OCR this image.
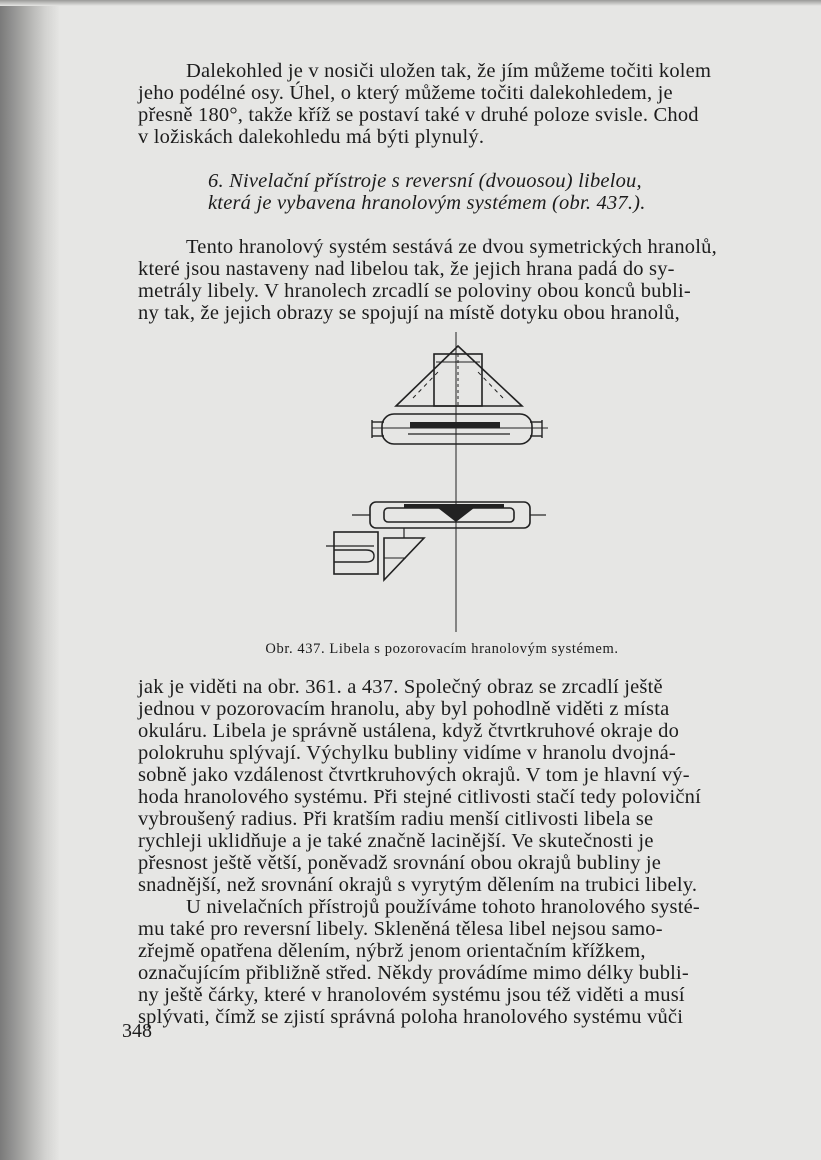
Dalekohled je v nosiči uložen tak, že jím můžeme točiti kolem
jeho podélné osy. Úhel, o který můžeme točiti dalekohledem, je
přesně 180°, takže kříž se postaví také v druhé poloze svisle. Chod
v ložiskách dalekohledu má býti plynulý.

6. Nivelační přístroje s reversní (dvouosou) libelou,
která je vybavena hranolovým systémem (obr. 437.).

Tento hranolový systém sestává ze dvou symetrických hranolů,
které jsou nastaveny nad libelou tak, že jejich hrana padá do sy-
metrály libely. V hranolech zrcadlí se poloviny obou konců bubli-
ny tak, že jejich obrazy se spojují na místě dotyku obou hranolů,

Obr. 437. Libela s pozorovacím hranolovým systémem.

jak je viděti na obr. 361. a 437. Společný obraz se zrcadlí ještě
jednou v pozorovacím hranolu, aby byl pohodlně viděti z místa
okuláru. Libela je správně ustálena, když čtvrtkruhové okraje do
polokruhu splývají. Výchylku bubliny vidíme v hranolu dvojná-
sobně jako vzdálenost čtvrtkruhových okrajů. V tom je hlavní vý-
hoda hranolového systému. Při stejné citlivosti stačí tedy poloviční
vybroušený radius. Při kratším radiu menší citlivosti libela se
rychleji uklidňuje a je také značně lacinější. Ve skutečnosti je
přesnost ještě větší, poněvadž srovnání obou okrajů bubliny je
snadnější, než srovnání okrajů s vyrytým dělením na trubici libely.

U nivelačních přístrojů používáme tohoto hranolového systé-
mu také pro reversní libely. Skleněná tělesa libel nejsou samo-
zřejmě opatřena dělením, nýbrž jenom orientačním křížkem,
označujícím přibližně střed. Někdy provádíme mimo délky bubli-
ny ještě čárky, které v hranolovém systému jsou též viděti a musí
splývati, čímž se zjistí správná poloha hranolového systému vůči

348
